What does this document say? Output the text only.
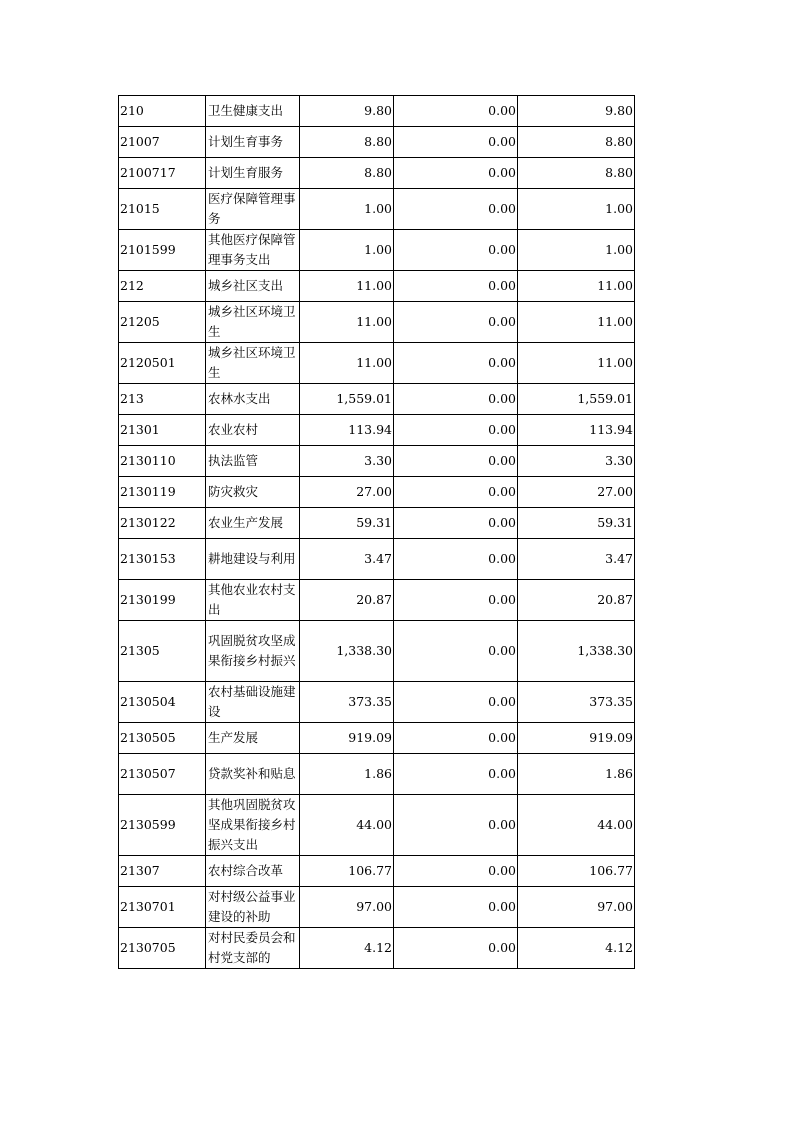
210	卫生健康支出	9.80	0.00	9.80
21007	计划生育事务	8.80	0.00	8.80
2100717	计划生育服务	8.80	0.00	8.80
21015	医疗保障管理事务	1.00	0.00	1.00
2101599	其他医疗保障管理事务支出	1.00	0.00	1.00
212	城乡社区支出	11.00	0.00	11.00
21205	城乡社区环境卫生	11.00	0.00	11.00
2120501	城乡社区环境卫生	11.00	0.00	11.00
213	农林水支出	1,559.01	0.00	1,559.01
21301	农业农村	113.94	0.00	113.94
2130110	执法监管	3.30	0.00	3.30
2130119	防灾救灾	27.00	0.00	27.00
2130122	农业生产发展	59.31	0.00	59.31
2130153	耕地建设与利用	3.47	0.00	3.47
2130199	其他农业农村支出	20.87	0.00	20.87
21305	巩固脱贫攻坚成果衔接乡村振兴	1,338.30	0.00	1,338.30
2130504	农村基础设施建设	373.35	0.00	373.35
2130505	生产发展	919.09	0.00	919.09
2130507	贷款奖补和贴息	1.86	0.00	1.86
2130599	其他巩固脱贫攻坚成果衔接乡村振兴支出	44.00	0.00	44.00
21307	农村综合改革	106.77	0.00	106.77
2130701	对村级公益事业建设的补助	97.00	0.00	97.00
2130705	对村民委员会和村党支部的	4.12	0.00	4.12
